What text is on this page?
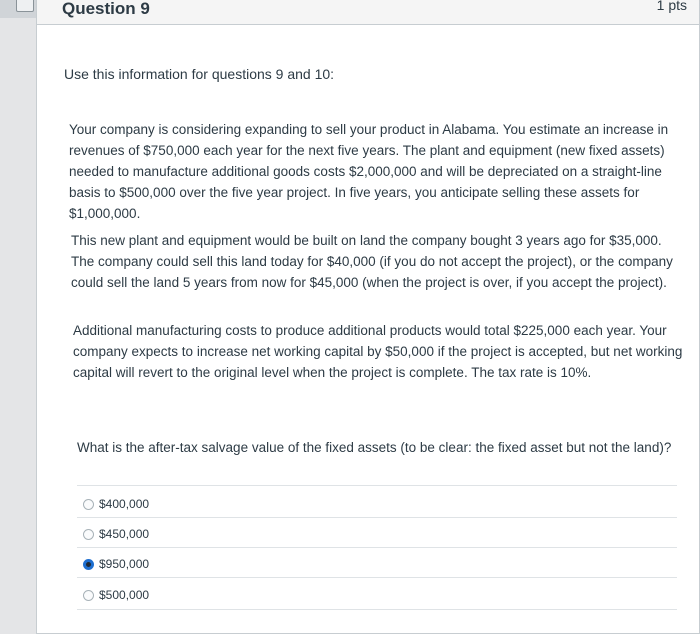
Question 9	1 pts
Use this information for questions 9 and 10:

Your company is considering expanding to sell your product in Alabama. You estimate an increase in revenues of $750,000 each year for the next five years. The plant and equipment (new fixed assets) needed to manufacture additional goods costs $2,000,000 and will be depreciated on a straight-line basis to $500,000 over the five year project. In five years, you anticipate selling these assets for $1,000,000.

This new plant and equipment would be built on land the company bought 3 years ago for $35,000. The company could sell this land today for $40,000 (if you do not accept the project), or the company could sell the land 5 years from now for $45,000 (when the project is over, if you accept the project).

Additional manufacturing costs to produce additional products would total $225,000 each year. Your company expects to increase net working capital by $50,000 if the project is accepted, but net working capital will revert to the original level when the project is complete. The tax rate is 10%.

What is the after-tax salvage value of the fixed assets (to be clear: the fixed asset but not the land)?
$400,000
$450,000
$950,000
$500,000
